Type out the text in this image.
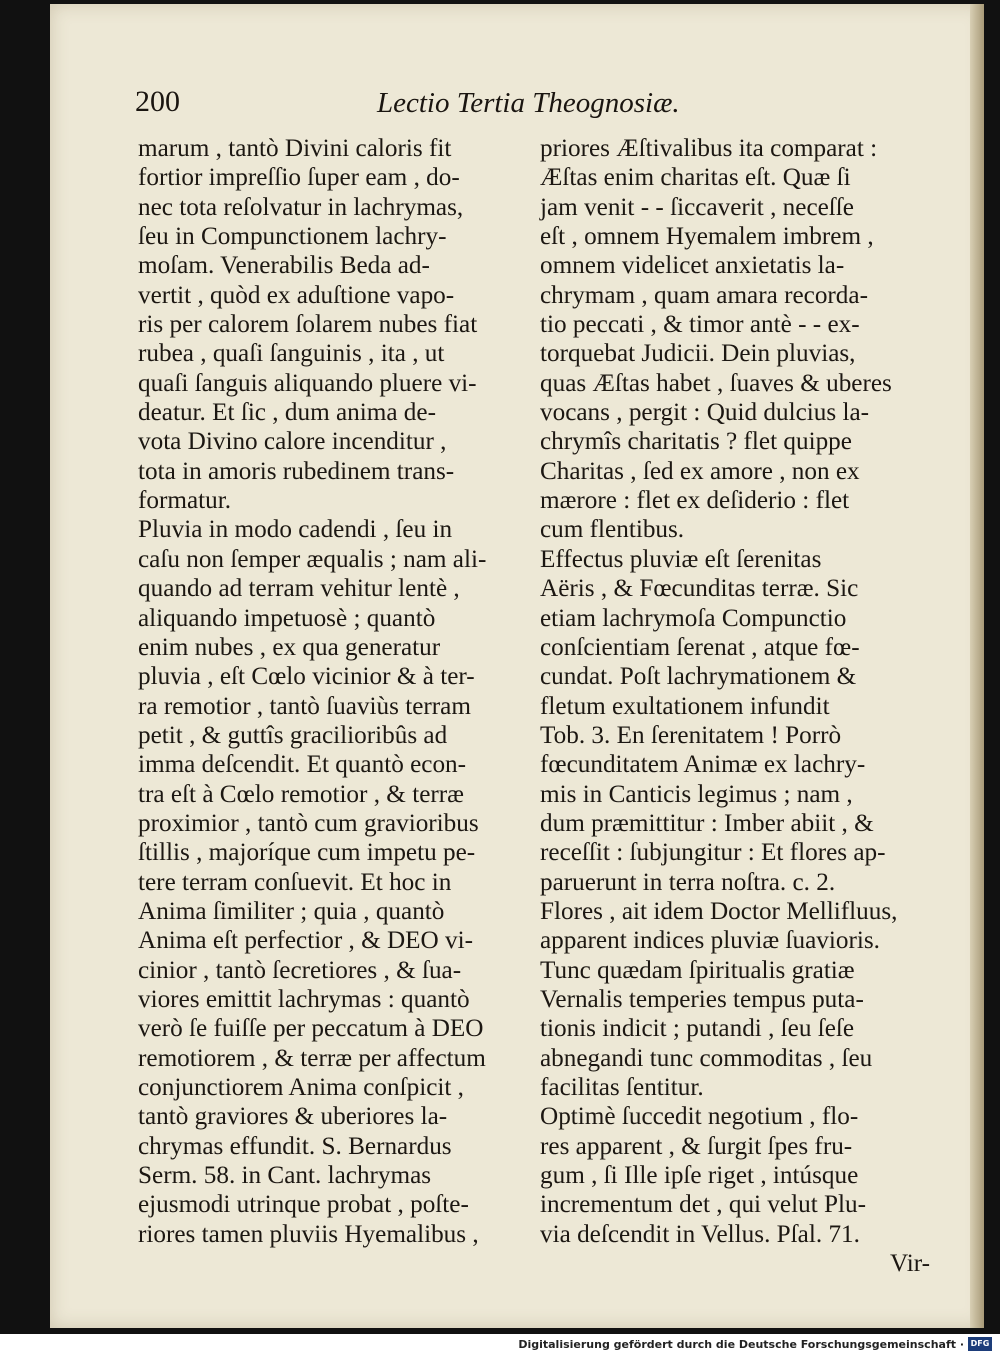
200	Lectio Tertia Theognosiæ.
marum , tantò Divini caloris fit
fortior impreſſio ſuper eam , do-
nec tota reſolvatur in lachrymas,
ſeu in Compunctionem lachry-
moſam. Venerabilis Beda ad-
vertit , quòd ex aduſtione vapo-
ris per calorem ſolarem nubes fiat
rubea , quaſi ſanguinis , ita , ut
quaſi ſanguis aliquando pluere vi-
deatur. Et ſic , dum anima de-
vota Divino calore incenditur ,
tota in amoris rubedinem trans-
formatur.
Pluvia in modo cadendi , ſeu in
caſu non ſemper æqualis ; nam ali-
quando ad terram vehitur lentè ,
aliquando impetuosè ; quantò
enim nubes , ex qua generatur
pluvia , eſt Cœlo vicinior & à ter-
ra remotior , tantò ſuaviùs terram
petit , & guttîs gracilioribûs ad
imma deſcendit. Et quantò econ-
tra eſt à Cœlo remotior , & terræ
proximior , tantò cum gravioribus
ſtillis , majoríque cum impetu pe-
tere terram conſuevit. Et hoc in
Anima ſimiliter ; quia , quantò
Anima eſt perfectior , & DEO vi-
cinior , tantò ſecretiores , & ſua-
viores emittit lachrymas : quantò
verò ſe fuiſſe per peccatum à DEO
remotiorem , & terræ per affectum
conjunctiorem Anima conſpicit ,
tantò graviores & uberiores la-
chrymas effundit. S. Bernardus
Serm. 58. in Cant. lachrymas
ejusmodi utrinque probat , poſte-
riores tamen pluviis Hyemalibus ,
priores Æſtivalibus ita comparat :
Æſtas enim charitas eſt. Quæ ſi
jam venit - - ſiccaverit , neceſſe
eſt , omnem Hyemalem imbrem ,
omnem videlicet anxietatis la-
chrymam , quam amara recorda-
tio peccati , & timor antè - - ex-
torquebat Judicii. Dein pluvias,
quas Æſtas habet , ſuaves & uberes
vocans , pergit : Quid dulcius la-
chrymîs charitatis ? flet quippe
Charitas , ſed ex amore , non ex
mærore : flet ex deſiderio : flet
cum flentibus.
Effectus pluviæ eſt ſerenitas
Aëris , & Fœcunditas terræ. Sic
etiam lachrymoſa Compunctio
conſcientiam ſerenat , atque fœ-
cundat. Poſt lachrymationem &
fletum exultationem infundit
Tob. 3. En ſerenitatem ! Porrò
fœcunditatem Animæ ex lachry-
mis in Canticis legimus ; nam ,
dum præmittitur : Imber abiit , &
receſſit : ſubjungitur : Et flores ap-
paruerunt in terra noſtra. c. 2.
Flores , ait idem Doctor Mellifluus,
apparent indices pluviæ ſuavioris.
Tunc quædam ſpiritualis gratiæ
Vernalis temperies tempus puta-
tionis indicit ; putandi , ſeu ſeſe
abnegandi tunc commoditas , ſeu
facilitas ſentitur.
Optimè ſuccedit negotium , flo-
res apparent , & ſurgit ſpes fru-
gum , ſi Ille ipſe riget , intúsque
incrementum det , qui velut Plu-
via deſcendit in Vellus. Pſal. 71.
Vir-
Digitalisierung gefördert durch die Deutsche Forschungsgemeinschaft · DFG
